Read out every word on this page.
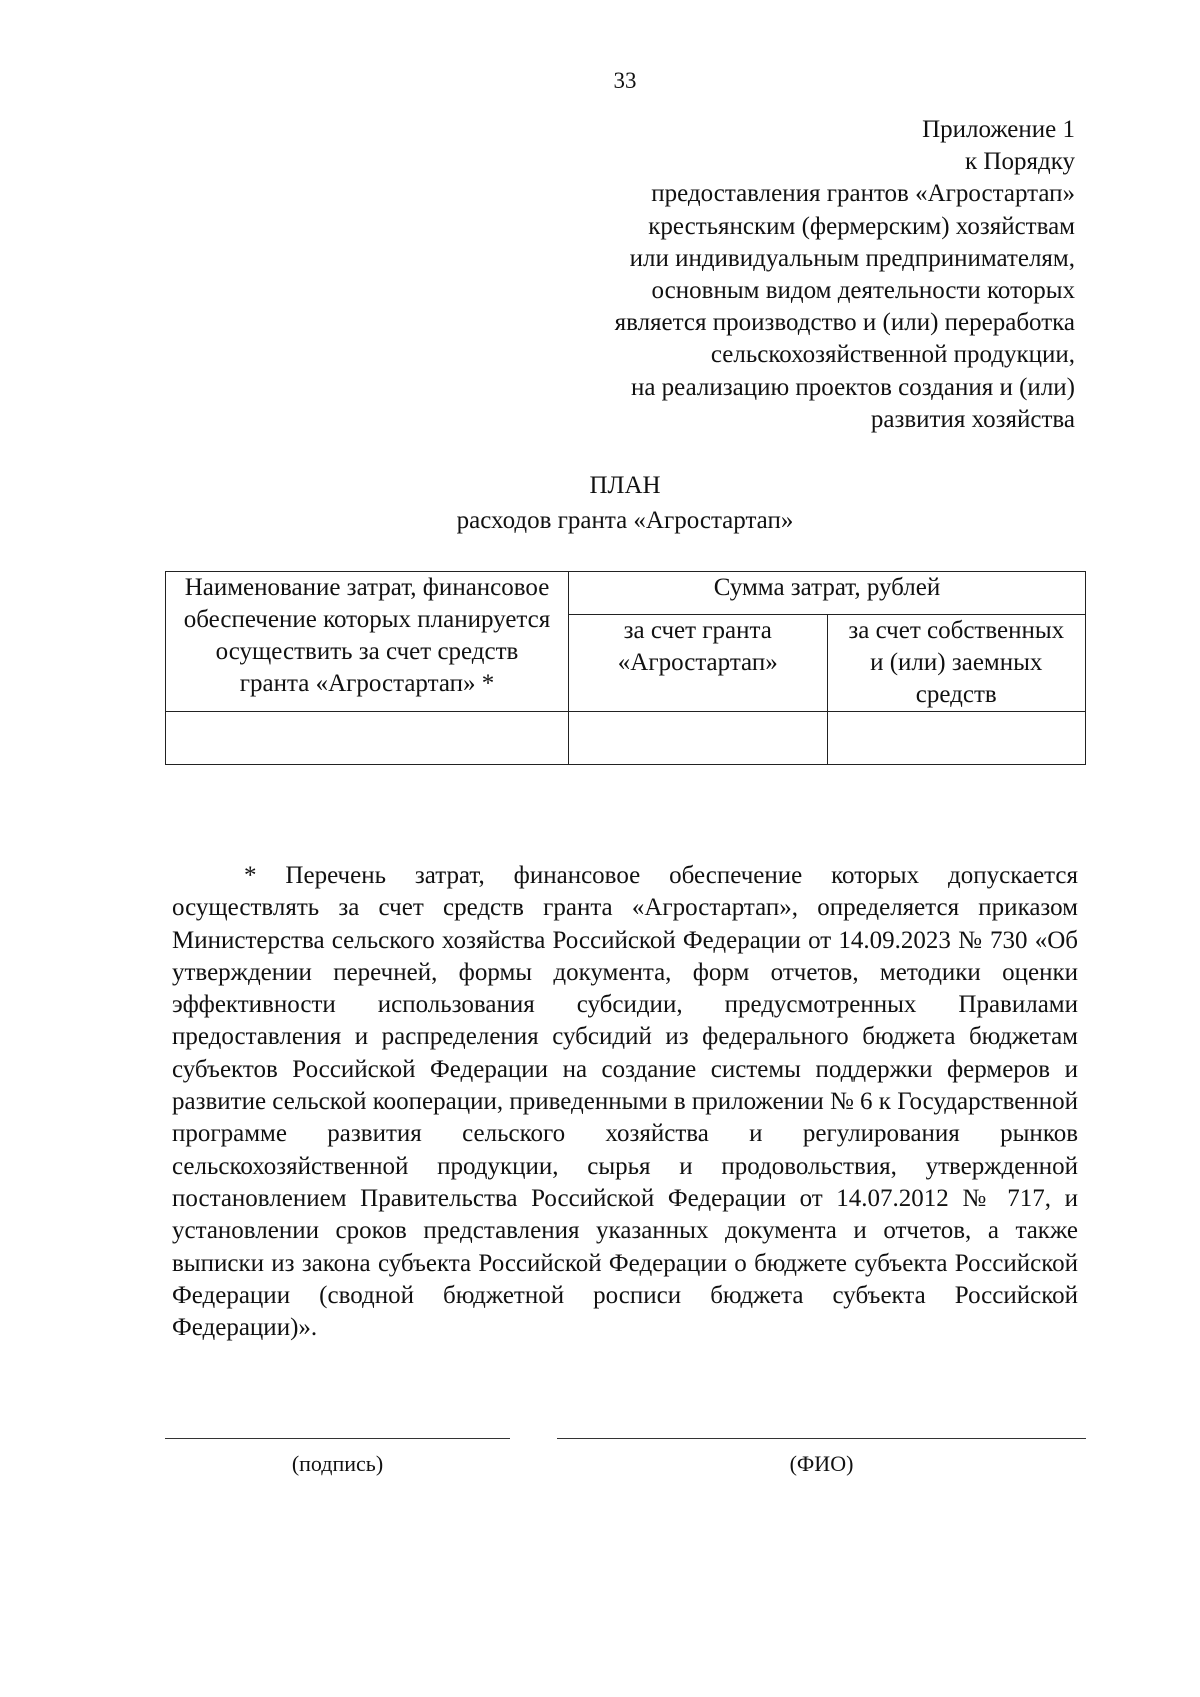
33
Приложение 1
к Порядку
предоставления грантов «Агростартап»
крестьянским (фермерским) хозяйствам
или индивидуальным предпринимателям,
основным видом деятельности которых
является производство и (или) переработка
сельскохозяйственной продукции,
на реализацию проектов создания и (или)
развития хозяйства
ПЛАН
расходов гранта «Агростартап»
Наименование затрат, финансовое обеспечение которых планируется осуществить за счет средств гранта «Агростартап» *	Сумма затрат, рублей	
	за счет гранта «Агростартап»	за счет собственных и (или) заемных средств

* Перечень затрат, финансовое обеспечение которых допускается осуществлять за счет средств гранта «Агростартап», определяется приказом Министерства сельского хозяйства Российской Федерации от 14.09.2023 № 730 «Об утверждении перечней, формы документа, форм отчетов, методики оценки эффективности использования субсидии, предусмотренных Правилами предоставления и распределения субсидий из федерального бюджета бюджетам субъектов Российской Федерации на создание системы поддержки фермеров и развитие сельской кооперации, приведенными в приложении № 6 к Государственной программе развития сельского хозяйства и регулирования рынков сельскохозяйственной продукции, сырья и продовольствия, утвержденной постановлением Правительства Российской Федерации от 14.07.2012 № 717, и установлении сроков представления указанных документа и отчетов, а также выписки из закона субъекта Российской Федерации о бюджете субъекта Российской Федерации (сводной бюджетной росписи бюджета субъекта Российской Федерации)».

(подпись)	(ФИО)
